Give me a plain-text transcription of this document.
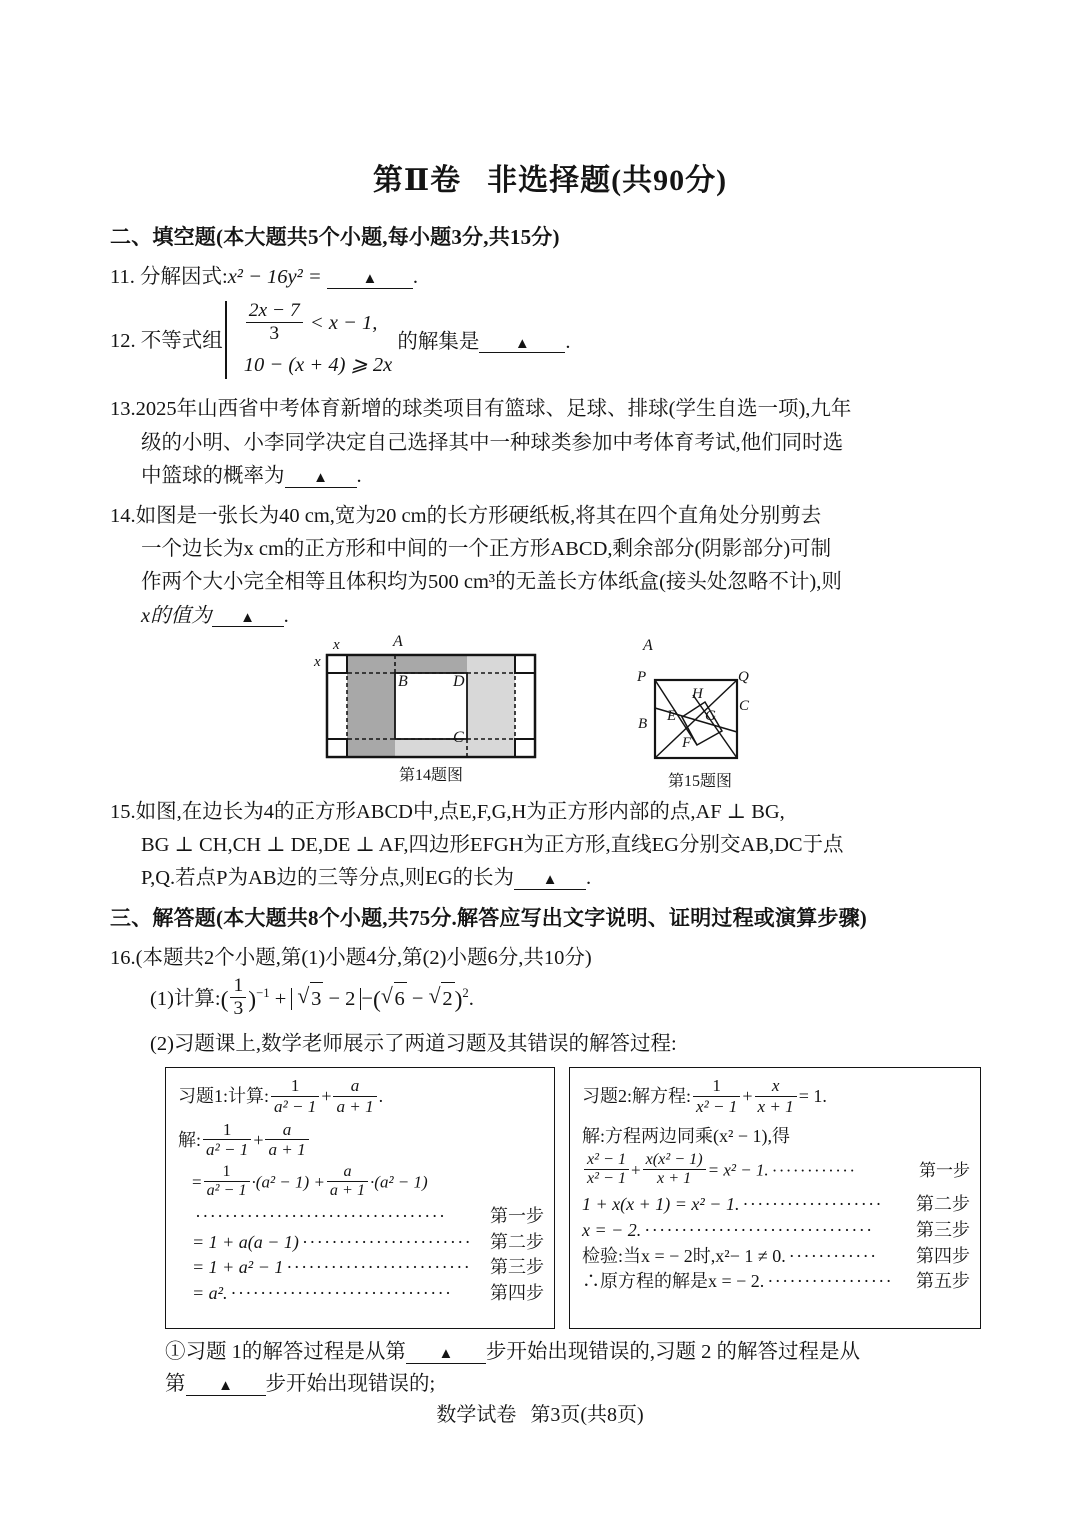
第Ⅱ卷 非选择题(共90分)
二、填空题(本大题共5个小题,每小题3分,共15分)
11. 分解因式:x² − 16y² =	▲ .
12. 不等式组 $\frac{2x - 7}{3} < x - 1$,
10 − (x + 4) ⩾ 2x
的解集是 ▲ .
13.2025年山西省中考体育新增的球类项目有篮球、足球、排球(学生自选一项),九年
级的小明、小李同学决定自己选择其中一种球类参加中考体育考试,他们同时选
中篮球的概率为 ▲ .
14.如图是一张长为40 cm,宽为20 cm的长方形硬纸板,将其在四个直角处分别剪去
一个边长为x cm的正方形和中间的一个正方形ABCD,剩余部分(阴影部分)可制
作两个大小完全相等且体积均为500 cm³的无盖长方体纸盒(接头处忽略不计),则
x的值为 ▲ .
x
x
A
B
C
D
第14题图
A
P	Q
H
C
E G
B
F
第15题图
15.如图,在边长为4的正方形ABCD中,点E,F,G,H为正方形内部的点,AF ⊥ BG,
BG ⊥ CH,CH ⊥ DE,DE ⊥ AF,四边形EFGH为正方形,直线EG分别交AB,DC于点
P,Q.若点P为AB边的三等分点,则EG的长为 ▲ .
三、解答题(本大题共8个小题,共75分.解答应写出文字说明、证明过程或演算步骤)
16.(本题共2个小题,第(1)小题4分,第(2)小题6分,共10分)
(1)计算:( $\frac{1}{3} )^{-1}$ + √ 3 − 2 −( √ 6 − √ 2)$^2$.
(2)习题课上,数学老师展示了两道习题及其错误的解答过程:
习题1:计算: $\frac{1}{\text{a² − 1}} + \frac{a}{a + 1}$ .
解: $\frac{1}{\text{a² − 1}} + \frac{a}{a + 1}$
= $\frac{1}{\text{a² − 1}} \cdot(a^2 - 1) + \frac{a}{a + 1} \cdot(a^2 - 1)$
··································	第一步
= 1 + a(a − 1) ······················· 第二步
= 1 + a² − 1 ·························	第三步
= a². ······························	第四步
习题2:解方程: $\frac{1}{\text{x² − 1}} + \frac{x}{x + 1} = 1$.
解:方程两边同乘(x² − 1),得
$\frac{\text{x² − 1}}{\text{x² − 1}} + \frac{\text{x(x² − 1)}}{x + 1} = x^2 - 1$. ············	第一步
1 + x(x + 1) = x² − 1. ···················	第二步
x = − 2. ·······························	第三步
检验:当x = − 2时,x²− 1 ≠ 0. ············	第四步
∴原方程的解是x = − 2. ·················	第五步
①习题 1的解答过程是从第 ▲ 步开始出现错误的,习题 2 的解答过程是从
第 ▲ 步开始出现错误的;
数学试卷 第3页(共8页)
